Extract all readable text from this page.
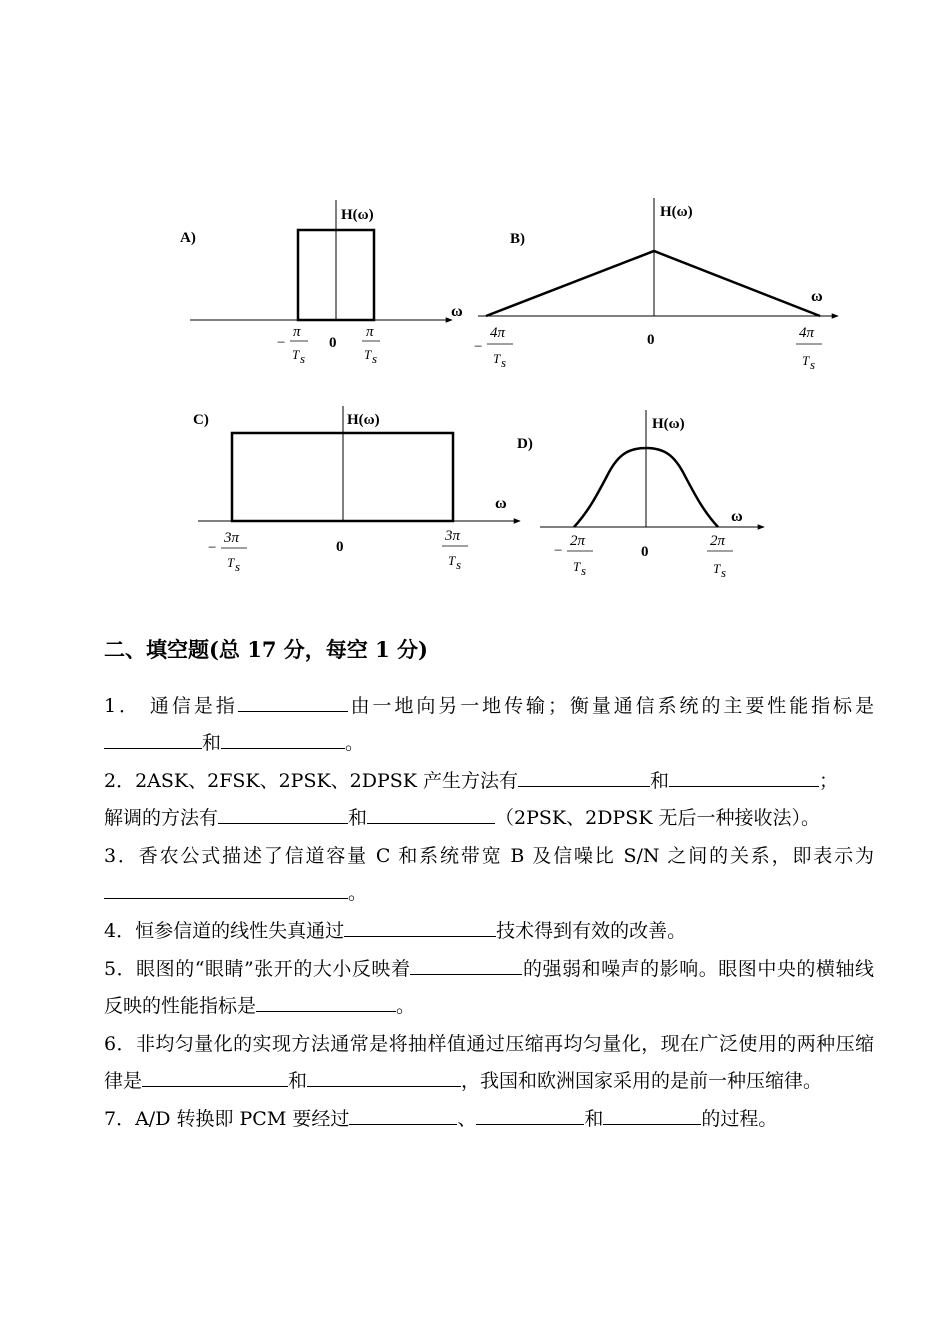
A)
H(ω)
ω
0
−
π
T s
π
T s
B)
H(ω)
ω
0
−
4π
T s
4π
T s
C)	H(ω)
ω
0
−
3π
T s
3π
T s
D)
H(ω)
ω
0
−
2π
T s
2π
T s
二、填空题(总 17 分，每空 1 分)

1． 通信是指	由一地向另一地传输；衡量通信系统的主要性能指标是和	。

2．2ASK、2FSK、2PSK、2DPSK 产生方法有	和	；
解调的方法有	和	（2PSK、2DPSK 无后一种接收法）。

3．香农公式描述了信道容量 C 和系统带宽 B 及信噪比 S/N 之间的关系，即表示为。

4．恒参信道的线性失真通过	技术得到有效的改善。

5．眼图的“眼睛”张开的大小反映着	的强弱和噪声的影响。眼图中央的横轴线反映的性能指标是	。

6．非均匀量化的实现方法通常是将抽样值通过压缩再均匀量化，现在广泛使用的两种压缩律是	和	，我国和欧洲国家采用的是前一种压缩律。

7．A/D 转换即 PCM 要经过	、	和	的过程。
